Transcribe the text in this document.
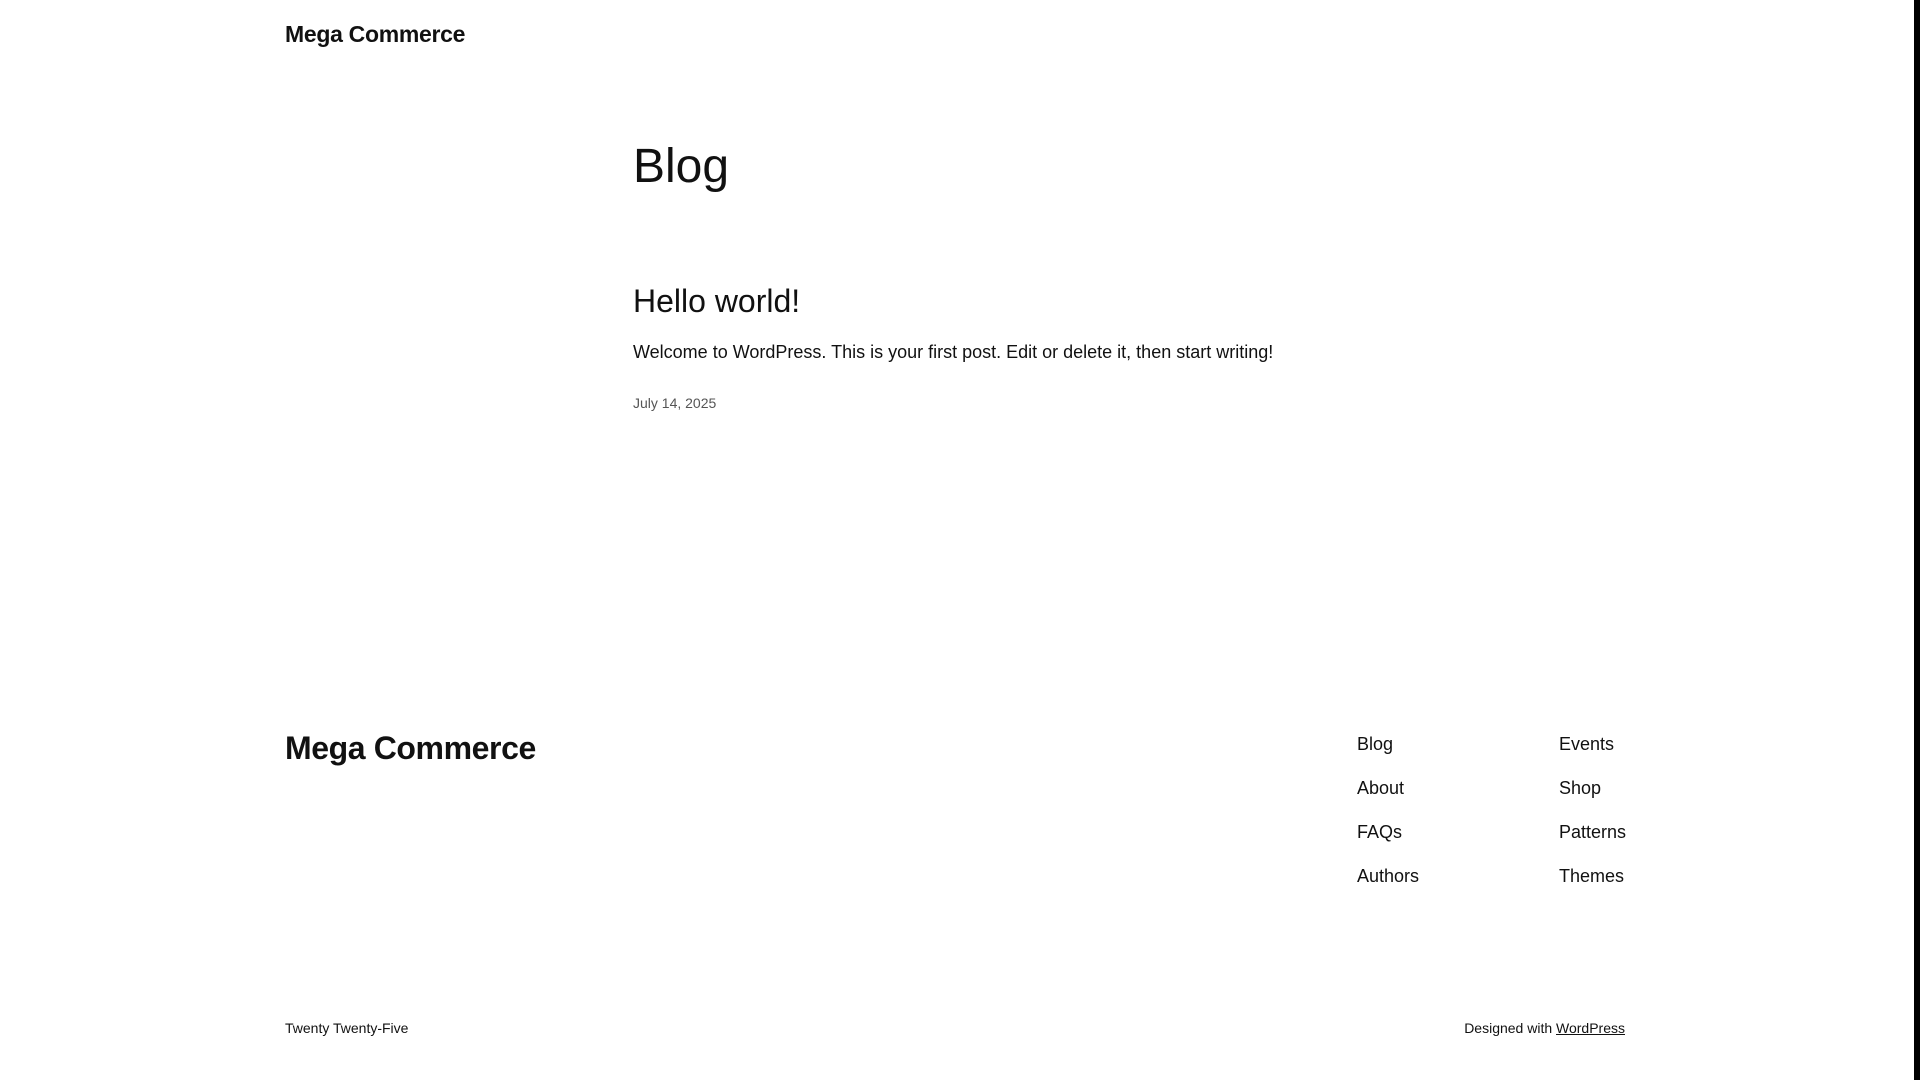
Mega Commerce
Blog
Hello world!

Welcome to WordPress. This is your first post. Edit or delete it, then start writing!

July 14, 2025
Mega Commerce	Blog
About
FAQs
Authors
Events
Shop
Patterns
Themes
Twenty Twenty-Five	Designed with WordPress
